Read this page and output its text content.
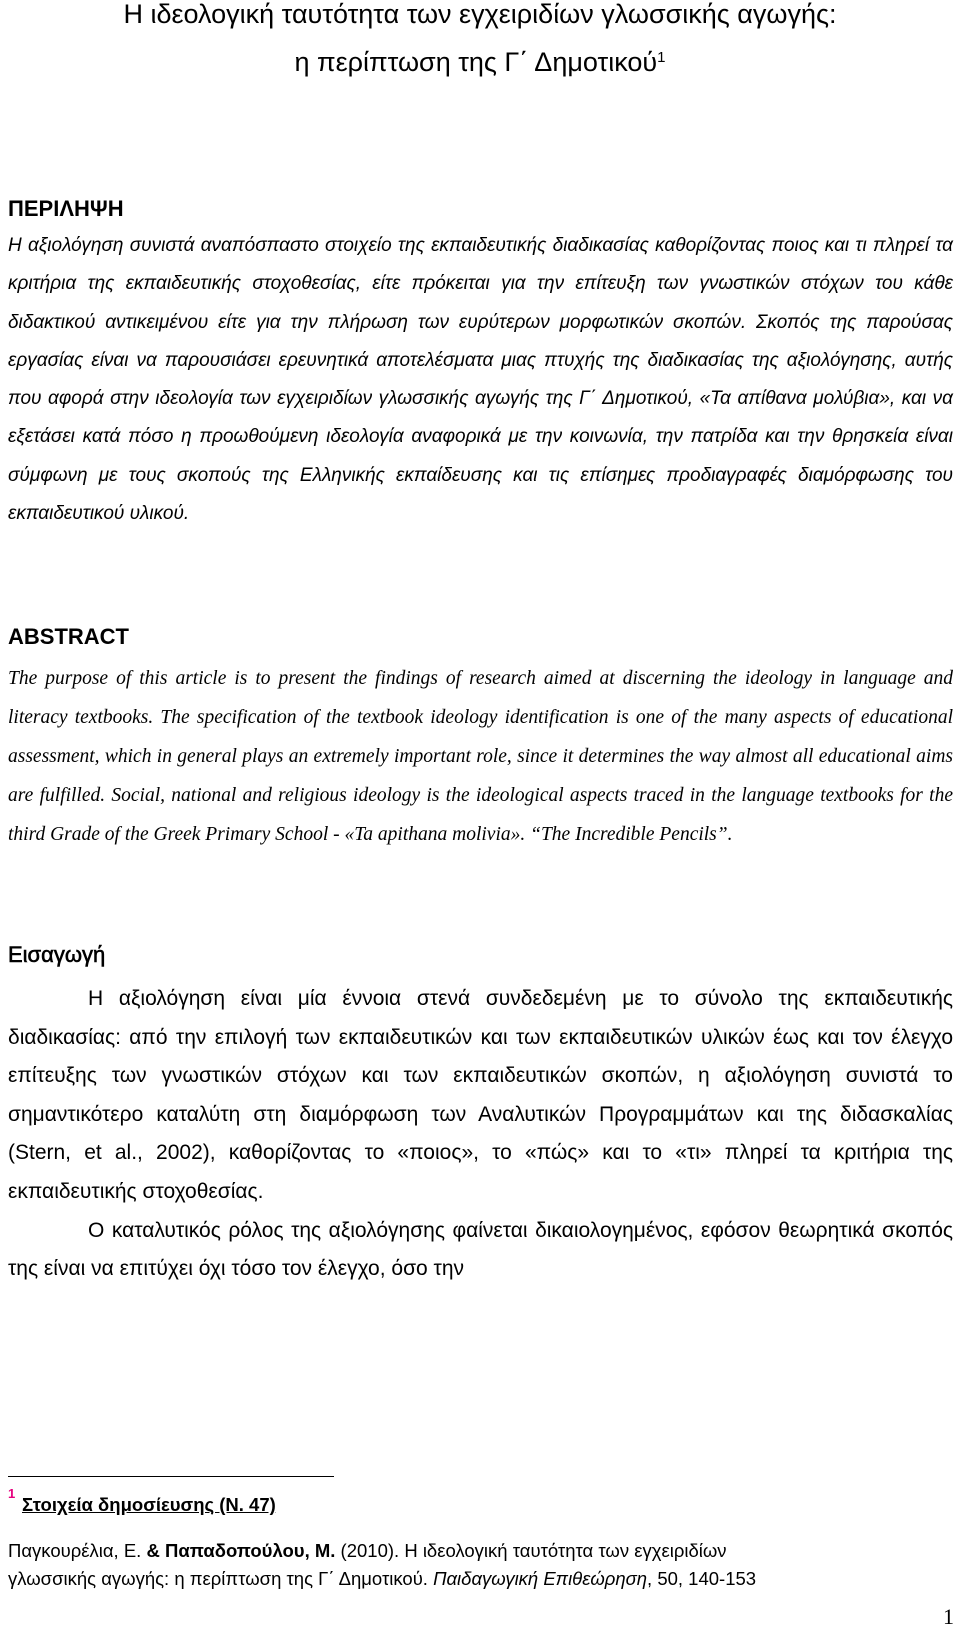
Η ιδεολογική ταυτότητα των εγχειριδίων γλωσσικής αγωγής:
η περίπτωση της Γ΄ Δημοτικού$^1$
ΠΕΡΙΛΗΨΗ

Η αξιολόγηση συνιστά αναπόσπαστο στοιχείο της εκπαιδευτικής διαδικασίας καθορίζοντας ποιος και τι πληρεί τα κριτήρια της εκπαιδευτικής στοχοθεσίας, είτε πρόκειται για την επίτευξη των γνωστικών στόχων του κάθε διδακτικού αντικειμένου είτε για την πλήρωση των ευρύτερων μορφωτικών σκοπών. Σκοπός της παρούσας εργασίας είναι να παρουσιάσει ερευνητικά αποτελέσματα μιας πτυχής της διαδικασίας της αξιολόγησης, αυτής που αφορά στην ιδεολογία των εγχειριδίων γλωσσικής αγωγής της Γ΄ Δημοτικού, «Τα απίθανα μολύβια», και να εξετάσει κατά πόσο η προωθούμενη ιδεολογία αναφορικά με την κοινωνία, την πατρίδα και την θρησκεία είναι σύμφωνη με τους σκοπούς της Ελληνικής εκπαίδευσης και τις επίσημες προδιαγραφές διαμόρφωσης του εκπαιδευτικού υλικού.

ABSTRACT

The purpose of this article is to present the findings of research aimed at discerning the ideology in language and literacy textbooks. The specification of the textbook ideology identification is one of the many aspects of educational assessment, which in general plays an extremely important role, since it determines the way almost all educational aims are fulfilled. Social, national and religious ideology is the ideological aspects traced in the language textbooks for the third Grade of the Greek Primary School - «Ta apithana molivia». “The Incredible Pencils”.

Εισαγωγή

Η αξιολόγηση είναι μία έννοια στενά συνδεδεμένη με το σύνολο της εκπαιδευτικής διαδικασίας: από την επιλογή των εκπαιδευτικών και των εκπαιδευτικών υλικών έως και τον έλεγχο επίτευξης των γνωστικών στόχων και των εκπαιδευτικών σκοπών, η αξιολόγηση συνιστά το σημαντικότερο καταλύτη στη διαμόρφωση των Αναλυτικών Προγραμμάτων και της διδασκαλίας (Stern, et al., 2002), καθορίζοντας το «ποιος», το «πώς» και το «τι» πληρεί τα κριτήρια της εκπαιδευτικής στοχοθεσίας.

Ο καταλυτικός ρόλος της αξιολόγησης φαίνεται δικαιολογημένος, εφόσον θεωρητικά σκοπός της είναι να επιτύχει όχι τόσο τον έλεγχο, όσο την

1
Στοιχεία δημοσίευσης (Ν. 47)

Παγκουρέλια, Ε. & Παπαδοπούλου, Μ. (2010). Η ιδεολογική ταυτότητα των εγχειριδίων

γλωσσικής αγωγής: η περίπτωση της Γ΄ Δημοτικού. Παιδαγωγική Επιθεώρηση, 50, 140-153

1
